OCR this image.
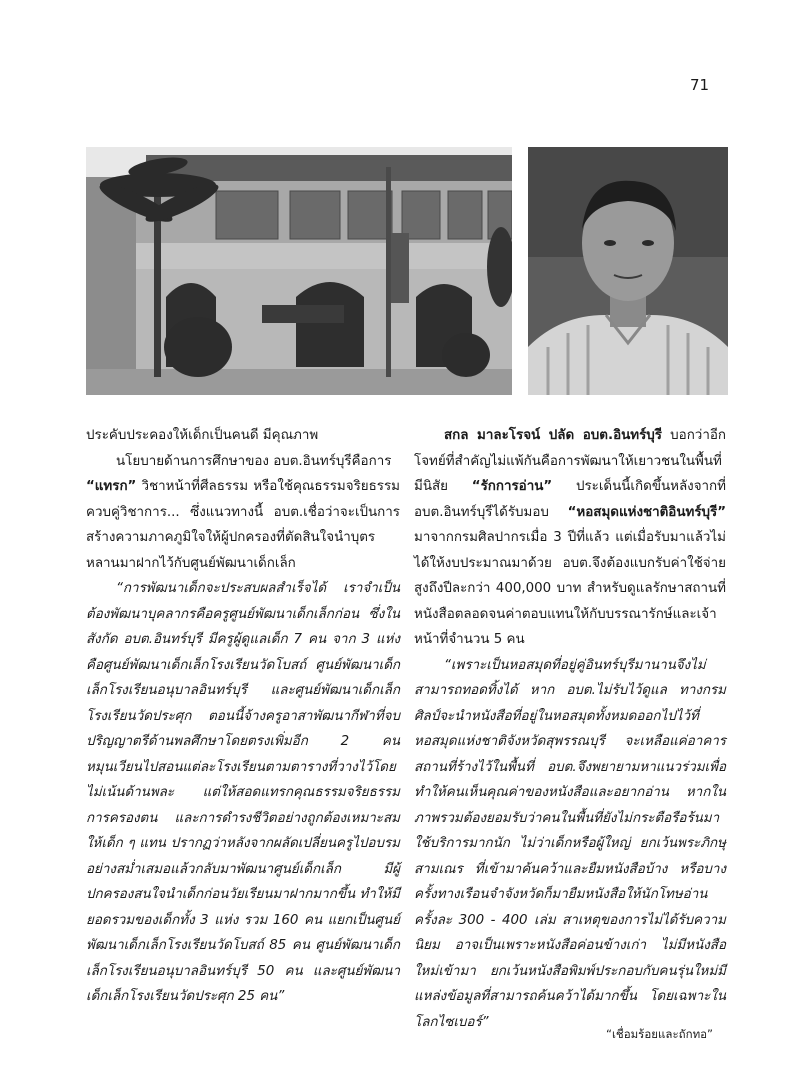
71

ประคับประคองให้เด็กเป็นคนดี มีคุณภาพ

นโยบายด้านการศึกษาของ อบต.อินทร์บุรีคือการ
“แทรก” วิชาหน้าที่ศีลธรรม หรือใช้คุณธรรมจริยธรรมควบคู่วิชาการ... ซึ่งแนวทางนี้ อบต.เชื่อว่าจะเป็นการสร้างความภาคภูมิใจให้ผู้ปกครองที่ตัดสินใจนำบุตรหลานมาฝากไว้กับศูนย์พัฒนาเด็กเล็ก

“การพัฒนาเด็กจะประสบผลสำเร็จได้ เราจำเป็นต้องพัฒนาบุคลากรคือครูศูนย์พัฒนาเด็กเล็กก่อน ซึ่งในสังกัด อบต.อินทร์บุรี มีครูผู้ดูแลเด็ก 7 คน จาก 3 แห่ง คือศูนย์พัฒนาเด็กเล็กโรงเรียนวัดโบสถ์ ศูนย์พัฒนาเด็กเล็กโรงเรียนอนุบาลอินทร์บุรี และศูนย์พัฒนาเด็กเล็กโรงเรียนวัดประศุก ตอนนี้จ้างครูอาสาพัฒนากีฬาที่จบปริญญาตรีด้านพลศึกษาโดยตรงเพิ่มอีก 2 คน หมุนเวียนไปสอนแต่ละโรงเรียนตามตารางที่วางไว้โดยไม่เน้นด้านพละ แต่ให้สอดแทรกคุณธรรมจริยธรรม การครองตน และการดำรงชีวิตอย่างถูกต้องเหมาะสมให้เด็ก ๆ แทน ปรากฏว่าหลังจากผลัดเปลี่ยนครูไปอบรมอย่างสม่ำเสมอแล้วกลับมาพัฒนาศูนย์เด็กเล็ก มีผู้ปกครองสนใจนำเด็กก่อนวัยเรียนมาฝากมากขึ้น ทำให้มียอดรวมของเด็กทั้ง 3 แห่ง รวม 160 คน แยกเป็นศูนย์พัฒนาเด็กเล็กโรงเรียนวัดโบสถ์ 85 คน ศูนย์พัฒนาเด็กเล็กโรงเรียนอนุบาลอินทร์บุรี 50 คน และศูนย์พัฒนาเด็กเล็กโรงเรียนวัดประศุก 25 คน”

สกล มาละโรจน์ ปลัด อบต.อินทร์บุรี บอกว่าอีกโจทย์ที่สำคัญไม่แพ้กันคือการพัฒนาให้เยาวชนในพื้นที่มีนิสัย “รักการอ่าน” ประเด็นนี้เกิดขึ้นหลังจากที่ อบต.อินทร์บุรีได้รับมอบ “หอสมุดแห่งชาติอินทร์บุรี” มาจากกรมศิลปากรเมื่อ 3 ปีที่แล้ว แต่เมื่อรับมาแล้วไม่ได้ให้งบประมาณมาด้วย อบต.จึงต้องแบกรับค่าใช้จ่ายสูงถึงปีละกว่า 400,000 บาท สำหรับดูแลรักษาสถานที่ หนังสือตลอดจนค่าตอบแทนให้กับบรรณารักษ์และเจ้าหน้าที่จำนวน 5 คน

“เพราะเป็นหอสมุดที่อยู่คู่อินทร์บุรีมานานจึงไม่สามารถทอดทิ้งได้ หาก อบต.ไม่รับไว้ดูแล ทางกรมศิลป์จะนำหนังสือที่อยู่ในหอสมุดทั้งหมดออกไปไว้ที่หอสมุดแห่งชาติจังหวัดสุพรรณบุรี จะเหลือแค่อาคารสถานที่ร้างไว้ในพื้นที่ อบต.จึงพยายามหาแนวร่วมเพื่อทำให้คนเห็นคุณค่าของหนังสือและอยากอ่าน หากในภาพรวมต้องยอมรับว่าคนในพื้นที่ยังไม่กระตือรือร้นมาใช้บริการมากนัก ไม่ว่าเด็กหรือผู้ใหญ่ ยกเว้นพระภิกษุสามเณร ที่เข้ามาค้นคว้าและยืมหนังสือบ้าง หรือบางครั้งทางเรือนจำจังหวัดก็มายืมหนังสือให้นักโทษอ่านครั้งละ 300 - 400 เล่ม สาเหตุของการไม่ได้รับความนิยม อาจเป็นเพราะหนังสือค่อนข้างเก่า ไม่มีหนังสือใหม่เข้ามา ยกเว้นหนังสือพิมพ์ประกอบกับคนรุ่นใหม่มีแหล่งข้อมูลที่สามารถค้นคว้าได้มากขึ้น โดยเฉพาะในโลกไซเบอร์”

“เชื่อมร้อยและถักทอ”
